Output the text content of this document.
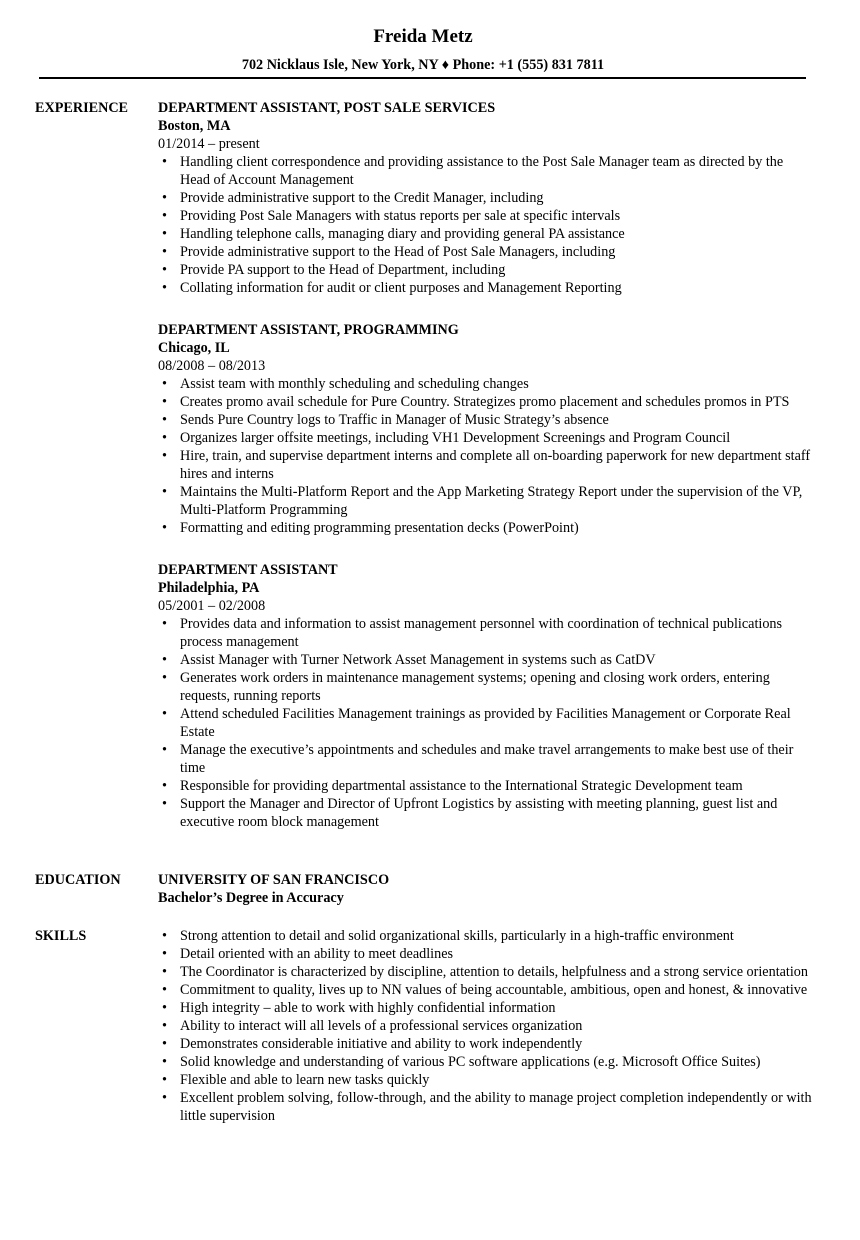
Freida Metz
702 Nicklaus Isle, New York, NY ♦ Phone: +1 (555) 831 7811
EXPERIENCE DEPARTMENT ASSISTANT, POST SALE SERVICES
Boston, MA
01/2014 – present
• Handling client correspondence and providing assistance to the Post Sale Manager team as directed by the Head of Account Management
• Provide administrative support to the Credit Manager, including
• Providing Post Sale Managers with status reports per sale at specific intervals
• Handling telephone calls, managing diary and providing general PA assistance
• Provide administrative support to the Head of Post Sale Managers, including
• Provide PA support to the Head of Department, including
• Collating information for audit or client purposes and Management Reporting
DEPARTMENT ASSISTANT, PROGRAMMING
Chicago, IL
08/2008 – 08/2013
• Assist team with monthly scheduling and scheduling changes
• Creates promo avail schedule for Pure Country. Strategizes promo placement and schedules promos in PTS
• Sends Pure Country logs to Traffic in Manager of Music Strategy’s absence
• Organizes larger offsite meetings, including VH1 Development Screenings and Program Council
• Hire, train, and supervise department interns and complete all on-boarding paperwork for new department staff hires and interns
• Maintains the Multi-Platform Report and the App Marketing Strategy Report under the supervision of the VP, Multi-Platform Programming
• Formatting and editing programming presentation decks (PowerPoint)
DEPARTMENT ASSISTANT
Philadelphia, PA
05/2001 – 02/2008
• Provides data and information to assist management personnel with coordination of technical publications process management
• Assist Manager with Turner Network Asset Management in systems such as CatDV
• Generates work orders in maintenance management systems; opening and closing work orders, entering requests, running reports
• Attend scheduled Facilities Management trainings as provided by Facilities Management or Corporate Real Estate
• Manage the executive’s appointments and schedules and make travel arrangements to make best use of their time
• Responsible for providing departmental assistance to the International Strategic Development team
• Support the Manager and Director of Upfront Logistics by assisting with meeting planning, guest list and executive room block management
EDUCATION	UNIVERSITY OF SAN FRANCISCO
Bachelor’s Degree in Accuracy
SKILLS
•	Strong attention to detail and solid organizational skills, particularly in a high-traffic environment
• Detail oriented with an ability to meet deadlines
• The Coordinator is characterized by discipline, attention to details, helpfulness and a strong service orientation
• Commitment to quality, lives up to NN values of being accountable, ambitious, open and honest, & innovative
• High integrity – able to work with highly confidential information
• Ability to interact will all levels of a professional services organization
• Demonstrates considerable initiative and ability to work independently
• Solid knowledge and understanding of various PC software applications (e.g. Microsoft Office Suites)
• Flexible and able to learn new tasks quickly
• Excellent problem solving, follow-through, and the ability to manage project completion independently or with little supervision
